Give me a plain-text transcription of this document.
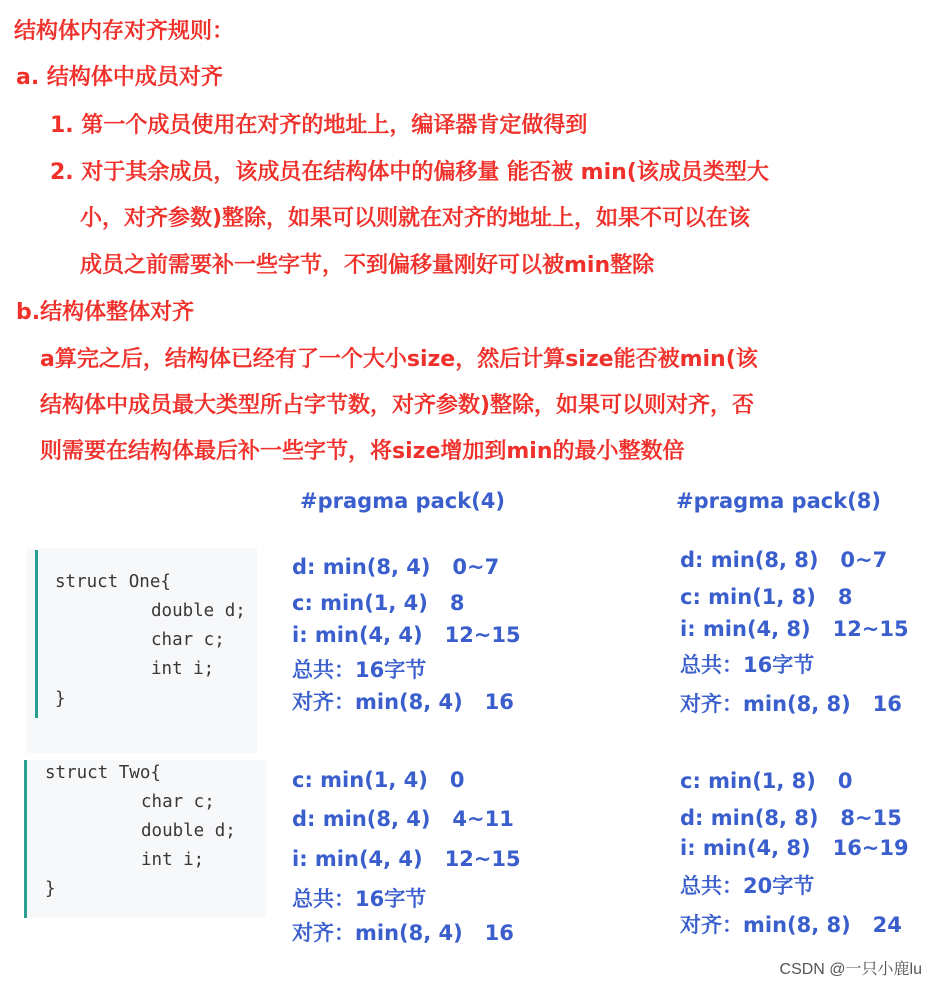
结构体内存对齐规则：
a. 结构体中成员对齐
1. 第一个成员使用在对齐的地址上，编译器肯定做得到
2. 对于其余成员，该成员在结构体中的偏移量 能否被 min(该成员类型大
小，对齐参数)整除，如果可以则就在对齐的地址上，如果不可以在该
成员之前需要补一些字节，不到偏移量刚好可以被min整除
b.结构体整体对齐
a算完之后，结构体已经有了一个大小size，然后计算size能否被min(该
结构体中成员最大类型所占字节数，对齐参数)整除，如果可以则对齐，否
则需要在结构体最后补一些字节，将size增加到min的最小整数倍
#pragma pack(4)	#pragma pack(8)
struct One{
double d;
char c;
int i;
}
struct Two{
char c;
double d;
int i;
}
d: min(8, 4)   0~7
c: min(1, 4)   8
i: min(4, 4)   12~15
总共：16字节
对齐：min(8, 4)   16
d: min(8, 8)   0~7
c: min(1, 8)   8
i: min(4, 8)   12~15
总共：16字节
对齐：min(8, 8)   16
c: min(1, 4)   0
d: min(8, 4)   4~11
i: min(4, 4)   12~15
总共：16字节
对齐：min(8, 4)   16
c: min(1, 8)   0
d: min(8, 8)   8~15
i: min(4, 8)   16~19
总共：20字节
对齐：min(8, 8)   24
CSDN @一只小鹿lu
